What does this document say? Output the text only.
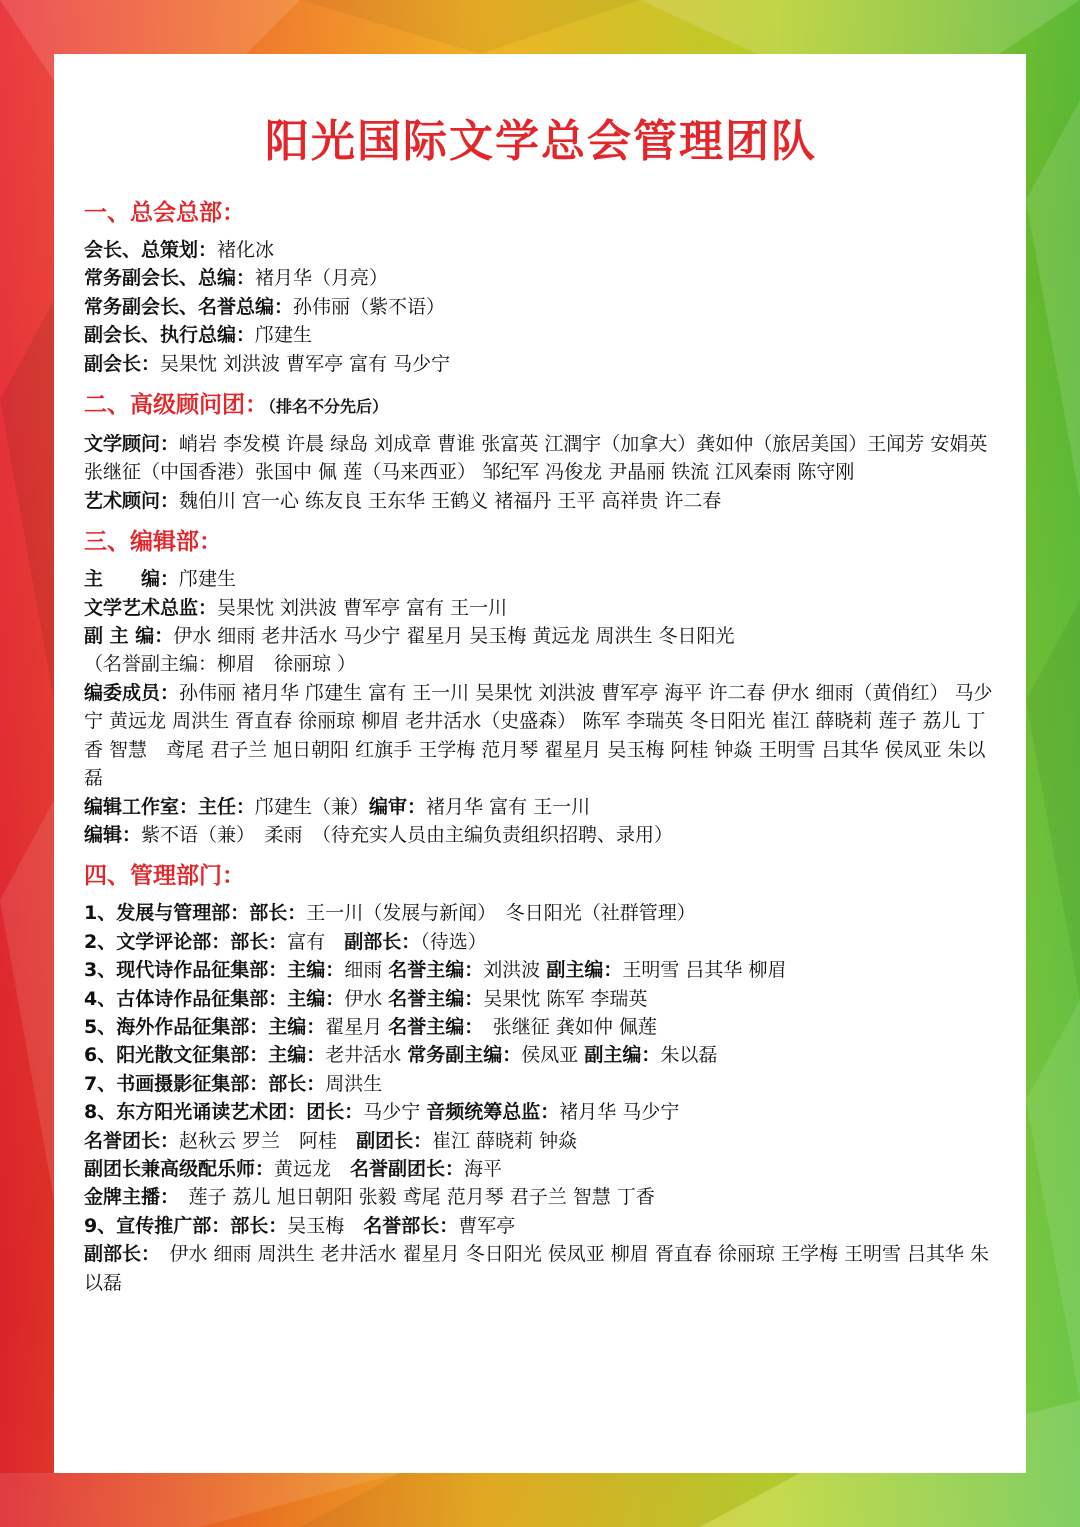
阳光国际文学总会管理团队
一、总会总部：

会长、总策划：褚化冰

常务副会长、总编：褚月华（月亮）

常务副会长、名誉总编：孙伟丽（紫不语）

副会长、执行总编：邝建生

副会长：吴果忱 刘洪波 曹军亭 富有 马少宁

二、高级顾问团：（排名不分先后）

文学顾问：峭岩 李发模 许晨 绿岛 刘成章 曹谁 张富英 江潤宇（加拿大）龚如仲（旅居美国）王闻芳 安娟英 张继征（中国香港）张国中 佩 莲（马来西亚） 邹纪军 冯俊龙 尹晶丽 铁流 江风秦雨 陈守刚

艺术顾问：魏伯川 宫一心 练友良 王东华 王鹤义 褚福丹 王平 高祥贵 许二春

三、编辑部：

主　　编：邝建生

文学艺术总监：吴果忱 刘洪波 曹军亭 富有 王一川

副 主 编：伊水 细雨 老井活水 马少宁 翟星月 吴玉梅 黄远龙 周洪生 冬日阳光

（名誉副主编：柳眉　徐丽琼 ）

编委成员：孙伟丽 褚月华 邝建生 富有 王一川 吴果忱 刘洪波 曹军亭 海平 许二春 伊水 细雨（黄俏红） 马少宁 黄远龙 周洪生 胥直春 徐丽琼 柳眉 老井活水（史盛森） 陈军 李瑞英 冬日阳光 崔江 薛晓莉 莲子 荔儿 丁香 智慧　鸢尾 君子兰 旭日朝阳 红旗手 王学梅 范月琴 翟星月 吴玉梅 阿桂 钟焱 王明雪 吕其华 侯凤亚 朱以磊

编辑工作室：主任：邝建生（兼）编审：褚月华 富有 王一川

编辑：紫不语（兼）　柔雨　（待充实人员由主编负责组织招聘、录用）

四、管理部门：

1、发展与管理部：部长：王一川（发展与新闻）　冬日阳光（社群管理）

2、文学评论部：部长：富有　副部长：（待选）

3、现代诗作品征集部：主编：细雨 名誉主编：刘洪波 副主编：王明雪 吕其华 柳眉

4、古体诗作品征集部：主编：伊水 名誉主编：吴果忱 陈军 李瑞英

5、海外作品征集部：主编：翟星月 名誉主编：　张继征 龚如仲 佩莲

6、阳光散文征集部：主编：老井活水 常务副主编：侯凤亚 副主编：朱以磊

7、书画摄影征集部：部长：周洪生

8、东方阳光诵读艺术团：团长：马少宁 音频统筹总监：褚月华 马少宁

名誉团长：赵秋云 罗兰　阿桂　副团长：崔江 薛晓莉 钟焱

副团长兼高级配乐师：黄远龙　名誉副团长：海平

金牌主播：　莲子 荔儿 旭日朝阳 张毅 鸢尾 范月琴 君子兰 智慧 丁香

9、宣传推广部：部长：吴玉梅　名誉部长：曹军亭

副部长：　伊水 细雨 周洪生 老井活水 翟星月 冬日阳光 侯凤亚 柳眉 胥直春 徐丽琼 王学梅 王明雪 吕其华 朱以磊
